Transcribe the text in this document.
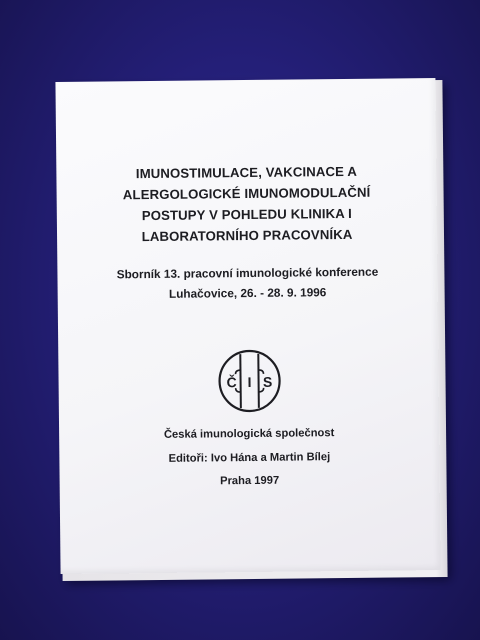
IMUNOSTIMULACE, VAKCINACE A
ALERGOLOGICKÉ IMUNOMODULAČNÍ
POSTUPY V POHLEDU KLINIKA I
LABORATORNÍHO PRACOVNÍKA
Sborník 13. pracovní imunologické konference
Luhačovice, 26. - 28. 9. 1996
Č I S
Česká imunologická společnost
Editoři: Ivo Hána a Martin Bílej
Praha 1997
